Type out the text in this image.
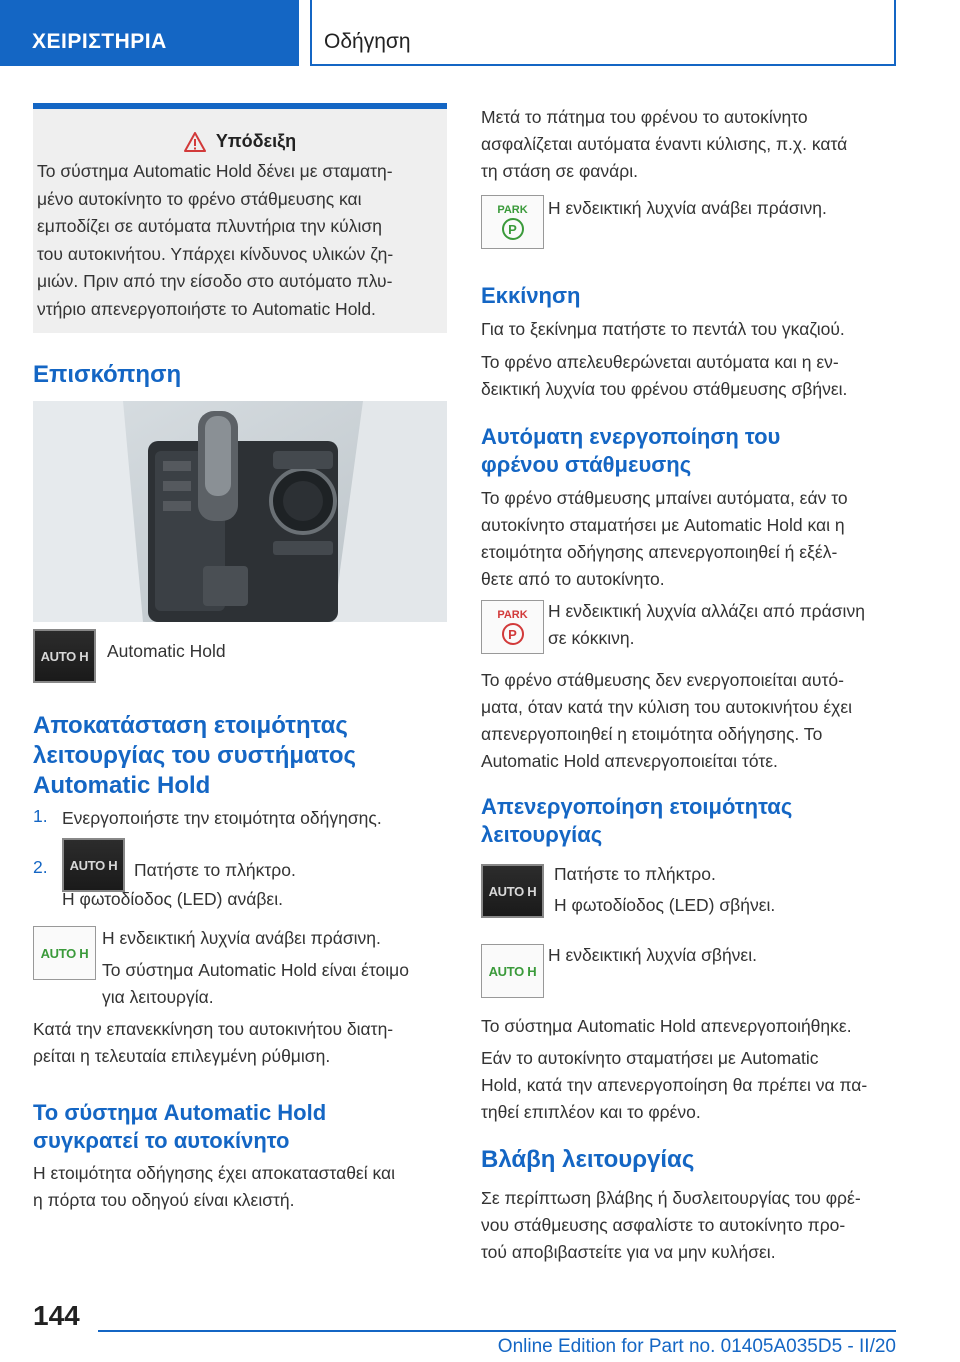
ΧΕΙΡΙΣΤΗΡΙΑ	Οδήγηση
Υπόδειξη
Το σύστημα Automatic Hold δένει με σταματη-
μένο αυτοκίνητο το φρένο στάθμευσης και
εμποδίζει σε αυτόματα πλυντήρια την κύλιση
του αυτοκινήτου. Υπάρχει κίνδυνος υλικών ζη-
μιών. Πριν από την είσοδο στο αυτόματο πλυ-
ντήριο απενεργοποιήστε το Automatic Hold.
Επισκόπηση
AUTO H	Automatic Hold
Αποκατάσταση ετοιμότητας
λειτουργίας του συστήματος
Automatic Hold
1. Ενεργοποιήστε την ετοιμότητα οδήγησης.
2.	AUTO H Πατήστε το πλήκτρο.
Η φωτοδίοδος (LED) ανάβει.
AUTO H
Η ενδεικτική λυχνία ανάβει πράσινη.
Το σύστημα Automatic Hold είναι έτοιμο
για λειτουργία.
Κατά την επανεκκίνηση του αυτοκινήτου διατη-
ρείται η τελευταία επιλεγμένη ρύθμιση.
Το σύστημα Automatic Hold
συγκρατεί το αυτοκίνητο
Η ετοιμότητα οδήγησης έχει αποκατασταθεί και
η πόρτα του οδηγού είναι κλειστή.
Μετά το πάτημα του φρένου το αυτοκίνητο
ασφαλίζεται αυτόματα έναντι κύλισης, π.χ. κατά
τη στάση σε φανάρι.
PARK
P
Η ενδεικτική λυχνία ανάβει πράσινη.
Εκκίνηση
Για το ξεκίνημα πατήστε το πεντάλ του γκαζιού.
Το φρένο απελευθερώνεται αυτόματα και η εν-
δεικτική λυχνία του φρένου στάθμευσης σβήνει.
Αυτόματη ενεργοποίηση του
φρένου στάθμευσης
Το φρένο στάθμευσης μπαίνει αυτόματα, εάν το
αυτοκίνητο σταματήσει με Automatic Hold και η
ετοιμότητα οδήγησης απενεργοποιηθεί ή εξέλ-
θετε από το αυτοκίνητο.
PARK
P
Η ενδεικτική λυχνία αλλάζει από πράσινη
σε κόκκινη.
Το φρένο στάθμευσης δεν ενεργοποιείται αυτό-
ματα, όταν κατά την κύλιση του αυτοκινήτου έχει
απενεργοποιηθεί η ετοιμότητα οδήγησης. Το
Automatic Hold απενεργοποιείται τότε.
Απενεργοποίηση ετοιμότητας
λειτουργίας
AUTO H
Πατήστε το πλήκτρο.
Η φωτοδίοδος (LED) σβήνει.
AUTO H
Η ενδεικτική λυχνία σβήνει.
Το σύστημα Automatic Hold απενεργοποιήθηκε.
Εάν το αυτοκίνητο σταματήσει με Automatic
Hold, κατά την απενεργοποίηση θα πρέπει να πα-
τηθεί επιπλέον και το φρένο.
Βλάβη λειτουργίας
Σε περίπτωση βλάβης ή δυσλειτουργίας του φρέ-
νου στάθμευσης ασφαλίστε το αυτοκίνητο προ-
τού αποβιβαστείτε για να μην κυλήσει.
144
Online Edition for Part no. 01405A035D5 - II/20
